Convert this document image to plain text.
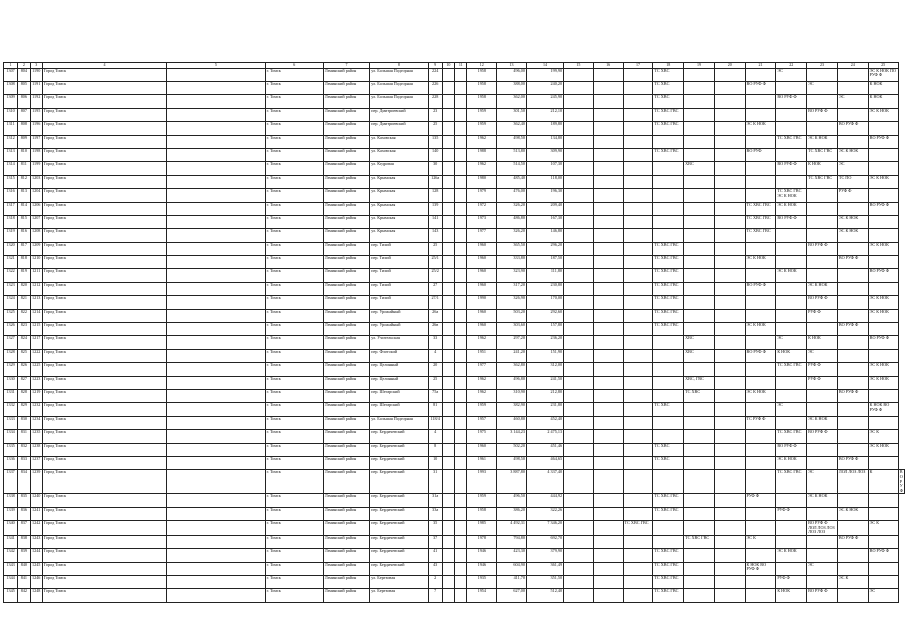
1	2	3	4	5	6	7	8	9	10	11	12	13	14	15	16	17	18	19	20	21	22	23	24	25	
1307	804	1190	Город Томск		г. Томск	Ленинский район	ул. Большая Подгорная	224			1958	496,00	199,90				ТС ХВС				ЭС			ЭС К НОК ПО РУФ Ф	
1308	805	1191	Город Томск		г. Томск	Ленинский район	ул. Большая Подгорная	226			1958	388,00	240,20				ТС ХВС			ВО РУФ Ф		ЭС		К НОК	
1309	806	1192	Город Томск		г. Томск	Ленинский район	ул. Большая Подгорная	228			1958	362,00	245,90				ТС ХВС				ВО РУФ Ф		ЭС	К НОК	
1310	807	1195	Город Томск		г. Томск	Ленинский район	пер. Дмитриевский	23			1959	301,50	212,10				ТС ХВС ГВС					ВО РУФ Ф		ЭС К НОК	
1311	808	1196	Город Томск		г. Томск	Ленинский район	пер. Дмитриевский	25			1959	362,40	189,80				ТС ХВС ГВС			ЭС К НОК			ВО РУФ Ф		
1312	809	1197	Город Томск		г. Томск	Ленинский район	ул. Каховская	135			1962	498,50	134,80								ТС ХВС ГВС	ЭС К НОК		ВО РУФ Ф	
1313	810	1198	Город Томск		г. Томск	Ленинский район	ул. Каховская	140			1988	513,80	309,90				ТС ХВС ГВС			ВО РУФ		ТС ХВС ГВС	ЭС К НОК		
1314	811	1199	Город Томск		г. Томск	Ленинский район	ул. Кедровая	30			1962	514,50	107,30					ХВС			ВО РУФ Ф	К НОК	ЭС		
1315	812	1203	Город Томск		г. Томск	Ленинский район	ул. Крымская	126а			1980	485,40	118,00									ТС ХВС ГВС	ТС ПО	ЭС К НОК	
1316	813	1204	Город Томск		г. Томск	Ленинский район	ул. Крымская	128			1979	476,00	196,30								ТС ХВС ГВС ЭС К НОК		РУФ Ф		
1317	814	1206	Город Томск		г. Томск	Ленинский район	ул. Крымская	139			1972	326,20	209,40							ТС ХВС ГВС	ЭС К НОК			ВО РУФ Ф	
1318	815	1207	Город Томск		г. Томск	Ленинский район	ул. Крымская	141			1973	486,80	167,30							ТС ХВС ГВС	ВО РУФ Ф		ЭС К НОК		
1319	816	1208	Город Томск		г. Томск	Ленинский район	ул. Крымская	143			1977	326,20	146,80							ТС ХВС ГВС			ЭС К НОК		
1320	817	1209	Город Томск		г. Томск	Ленинский район	пер. Тихий	25			1960	365,50	296,20				ТС ХВС ГВС					ВО РУФ Ф		ЭС К НОК	
1321	818	1210	Город Томск		г. Томск	Ленинский район	пер. Тихий	25/1			1960	333,80	187,50				ТС ХВС ГВС			ЭС К НОК			ВО РУФ Ф		
1322	819	1211	Город Томск		г. Томск	Ленинский район	пер. Тихий	25/2			1960	323,90	111,80				ТС ХВС ГВС				ЭС К НОК			ВО РУФ Ф	
1323	820	1212	Город Томск		г. Томск	Ленинский район	пер. Тихий	27			1960	317,20	230,80				ТС ХВС ГВС			ВО РУФ Ф		ЭС К НОК			
1324	821	1213	Город Томск		г. Томск	Ленинский район	пер. Тихий	27/1			1990	326,90	170,00				ТС ХВС ГВС					ВО РУФ Ф		ЭС К НОК	
1325	822	1214	Город Томск		г. Томск	Ленинский район	пер. Урожайный	26а			1960	503,20	292,60				ТС ХВС ГВС					РУФ Ф		ЭС К НОК	
1326	823	1215	Город Томск		г. Томск	Ленинский район	пер. Урожайный	26в			1960	303,60	157,80				ТС ХВС ГВС			ЭС К НОК			ВО РУФ Ф		
1327	824	1217	Город Томск		г. Томск	Ленинский район	ул. Учительская	33			1962	297,20	236,20					ХВС			ЭС	К НОК		ВО РУФ Ф	
1328	825	1222	Город Томск		г. Томск	Ленинский район	пер. Флотский	4			1951	241,20	151,90					ХВС		ВО РУФ Ф	К НОК	ЭС			
1329	826	1225	Город Томск		г. Томск	Ленинский район	пер. Целинный	20			1977	362,80	312,00								ТС ХВС ГВС	РУФ Ф		ЭС К НОК	
1330	827	1223	Город Томск		г. Томск	Ленинский район	пер. Целинный	25			1962	496,80	241,50					ХВС, ГВС				РУФ Ф		ЭС К НОК	
1331	828	1219	Город Томск		г. Томск	Ленинский район	пер. Шегарский	75а			1962	310,90	212,80					ТС ХВС		ЭС К НОК			ВО РУФ Ф		
1332	829	1232	Город Томск		г. Томск	Ленинский район	пер. Шегарский	81			1959	382,90	231,80				ТС ХВС				ЭС			К НОК ВО РУФ Ф	
1333	830	1234	Город Томск		г. Томск	Ленинский район	ул. Большая Подгорная	118/4			1957	460,80	452,40							ТС РУФ Ф		ЭС К НОК			
1334	831	1235	Город Томск		г. Томск	Ленинский район	пер. Бердичевский	4			1975	3 144,23	2 475,13								ТС ХВС ГВС	ВО РУФ Ф		ЭС К	
1335	832	1238	Город Томск		г. Томск	Ленинский район	пер. Бердичевский	8			1960	502,20	451,46				ТС ХВС				ВО РУФ Ф			ЭС К НОК	
1336	833	1237	Город Томск		г. Томск	Ленинский район	пер. Бердичевский	10			1961	498,50	464,65				ТС ХВС				ЭС К НОК		ВО РУФ Ф		
1337	834	1239	Город Томск		г. Томск	Ленинский район	пер. Бердичевский	31			1993	3 887,80	4 337,40								ТС ХВС ГВС	ЭС	ЛОЛ ЛОЗ ЛОЗ	К	ВО РУФ
1338	835	1240	Город Томск		г. Томск	Ленинский район	пер. Бердичевский	31а			1959	496,50	444,92				ТС ХВС ГВС			РУФ Ф		ЭС К НОК			
1339	836	1241	Город Томск		г. Томск	Ленинский район	пер. Бердичевский	33а			1958	386,20	322,26				ТС ХВС ГВС				РУФ Ф		ЭС К НОК		
1340	837	1242	Город Томск		г. Томск	Ленинский район	пер. Бердичевский	35			1985	4 492,31	7 346,20			ТС ХВС ГВС						ВО РУФ Ф ЛОЛ ЛОЗ ЛОЗ ЛОЗ ЛОЗ		ЭС К	
1341	838	1243	Город Томск		г. Томск	Ленинский район	пер. Бердичевский	37			1978	794,80	692,70					ТС ХВС ГВС		ЭС К			ВО РУФ Ф		
1342	839	1244	Город Томск		г. Томск	Ленинский район	пер. Бердичевский	41			1946	423,30	379,90				ТС ХВС ГВС				ЭС К НОК			ВО РУФ Ф	
1343	840	1245	Город Томск		г. Томск	Ленинский район	пер. Бердичевский	43			1946	604,90	361,49				ТС ХВС ГВС			К НОК ВО РУФ Ф		ЭС			
1344	841	1246	Город Томск		г. Томск	Ленинский район	ул. Березовая	2			1935	411,70	351,50				ТС ХВС ГВС				РУФ Ф		ЭС К		
1345	842	1248	Город Томск		г. Томск	Ленинский район	ул. Березовая	7			1954	627,00	512,40				ТС ХВС ГВС				К НОК	ВО РУФ Ф		ЭС	
